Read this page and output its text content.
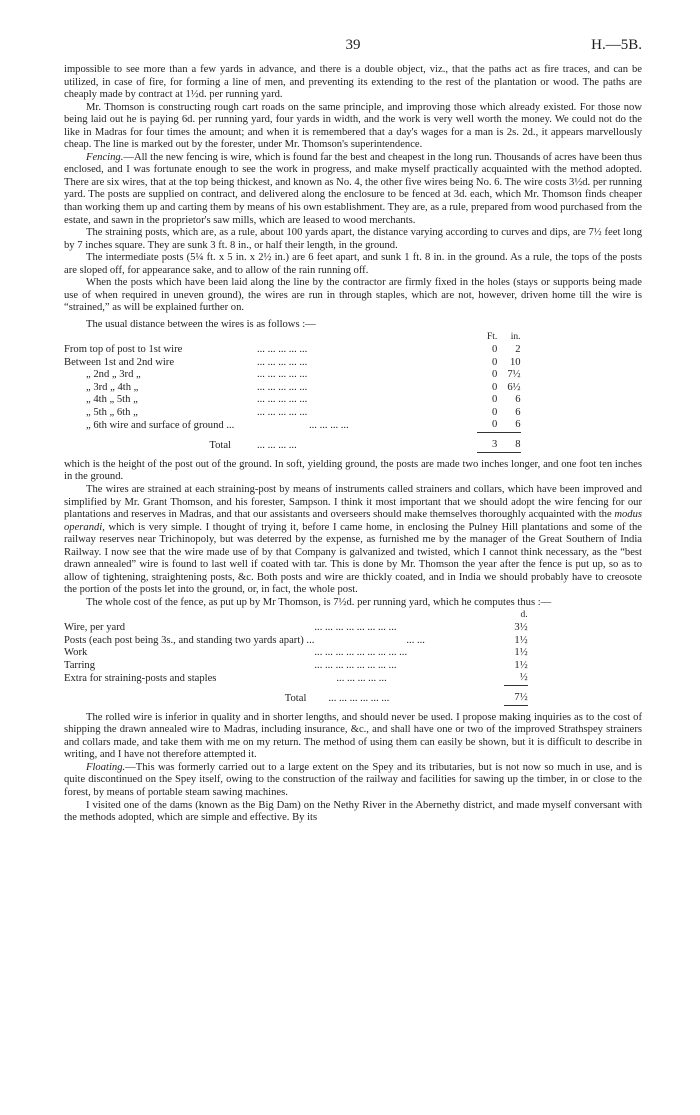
39	H.—5B.

impossible to see more than a few yards in advance, and there is a double object, viz., that the paths act as fire traces, and can be utilized, in case of fire, for forming a line of men, and preventing its extending to the rest of the plantation or wood. The paths are cheaply made by contract at 1½d. per running yard.

Mr. Thomson is constructing rough cart roads on the same principle, and improving those which already existed. For those now being laid out he is paying 6d. per running yard, four yards in width, and the work is very well worth the money. We could not do the like in Madras for four times the amount; and when it is remembered that a day's wages for a man is 2s. 2d., it appears marvellously cheap. The line is marked out by the forester, under Mr. Thomson's superintendence.

Fencing.—All the new fencing is wire, which is found far the best and cheapest in the long run. Thousands of acres have been thus enclosed, and I was fortunate enough to see the work in progress, and make myself practically acquainted with the method adopted. There are six wires, that at the top being thickest, and known as No. 4, the other five wires being No. 6. The wire costs 3½d. per running yard. The posts are supplied on contract, and delivered along the enclosure to be fenced at 3d. each, which Mr. Thomson finds cheaper than working them up and carting them by means of his own establishment. They are, as a rule, prepared from wood purchased from the estate, and sawn in the proprietor's saw mills, which are leased to wood merchants.

The straining posts, which are, as a rule, about 100 yards apart, the distance varying according to curves and dips, are 7½ feet long by 7 inches square. They are sunk 3 ft. 8 in., or half their length, in the ground.

The intermediate posts (5¼ ft. x 5 in. x 2½ in.) are 6 feet apart, and sunk 1 ft. 8 in. in the ground. As a rule, the tops of the posts are sloped off, for appearance sake, and to allow of the rain running off.

When the posts which have been laid along the line by the contractor are firmly fixed in the holes (stays or supports being made use of when required in uneven ground), the wires are run in through staples, which are not, however, driven home till the wire is “strained,” as will be explained further on.

The usual distance between the wires is as follows :—

		Ft.	in.
From top of post to 1st wire	... ... ... ... ...	0	2
Between 1st and 2nd wire	... ... ... ... ...	0	10
„ 2nd „ 3rd „	... ... ... ... ...	0	7½
„ 3rd „ 4th „	... ... ... ... ...	0	6½
„ 4th „ 5th „	... ... ... ... ...	0	6
„ 5th „ 6th „	... ... ... ... ...	0	6
„ 6th wire and surface of ground ...	... ... ... ...	0	6
Total	... ... ... ...	3	8

which is the height of the post out of the ground. In soft, yielding ground, the posts are made two inches longer, and one foot ten inches in the ground.

The wires are strained at each straining-post by means of instruments called strainers and collars, which have been improved and simplified by Mr. Grant Thomson, and his forester, Sampson. I think it most important that we should adopt the wire fencing for our plantations and reserves in Madras, and that our assistants and overseers should make themselves thoroughly acquainted with the modus operandi, which is very simple. I thought of trying it, before I came home, in enclosing the Pulney Hill plantations and some of the railway reserves near Trichinopoly, but was deterred by the expense, as furnished me by the manager of the Great Southern of India Railway. I now see that the wire made use of by that Company is galvanized and twisted, which I cannot think necessary, as the “best drawn annealed” wire is found to last well if coated with tar. This is done by Mr. Thomson the year after the fence is put up, so as to allow of tightening, straightening posts, &c. Both posts and wire are thickly coated, and in India we should probably have to creosote the portion of the posts let into the ground, or, in fact, the whole post.

The whole cost of the fence, as put up by Mr Thomson, is 7½d. per running yard, which he computes thus :—

		d.
Wire, per yard	... ... ... ... ... ... ... ...	3½
Posts (each post being 3s., and standing two yards apart) ...	... ...	1½
Work	... ... ... ... ... ... ... ... ...	1½
Tarring	... ... ... ... ... ... ... ...	1½
Extra for straining-posts and staples	... ... ... ... ...	½
Total	... ... ... ... ... ...	7½

The rolled wire is inferior in quality and in shorter lengths, and should never be used. I propose making inquiries as to the cost of shipping the drawn annealed wire to Madras, including insurance, &c., and shall have one or two of the improved Strathspey strainers and collars made, and take them with me on my return. The method of using them can easily be shown, but it is difficult to describe in writing, and I have not therefore attempted it.

Floating.—This was formerly carried out to a large extent on the Spey and its tributaries, but is not now so much in use, and is quite discontinued on the Spey itself, owing to the construction of the railway and facilities for sawing up the timber, in or close to the forest, by means of portable steam sawing machines.

I visited one of the dams (known as the Big Dam) on the Nethy River in the Abernethy district, and made myself conversant with the methods adopted, which are simple and effective. By its
